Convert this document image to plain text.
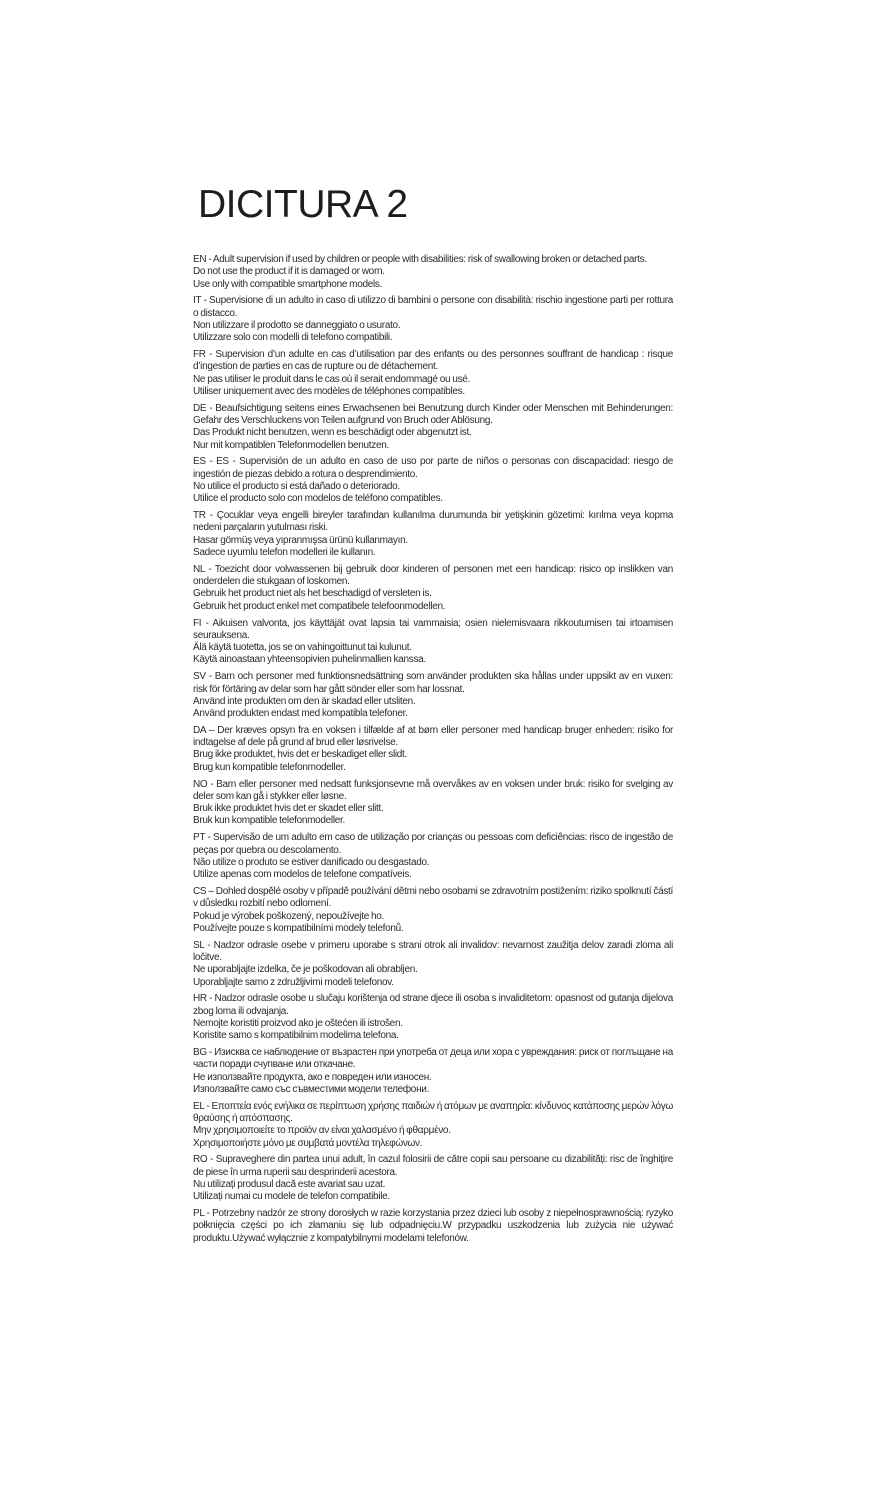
DICITURA 2

EN - Adult supervision if used by children or people with disabilities: risk of swallowing broken or detached parts.
Do not use the product if it is damaged or worn.
Use only with compatible smartphone models.

IT - Supervisione di un adulto in caso di utilizzo di bambini o persone con disabilità: rischio ingestione parti per rottura o distacco.
Non utilizzare il prodotto se danneggiato o usurato.
Utilizzare solo con modelli di telefono compatibili.

FR - Supervision d’un adulte en cas d’utilisation par des enfants ou des personnes souffrant de handicap : risque d’ingestion de parties en cas de rupture ou de détachement.
Ne pas utiliser le produit dans le cas où il serait endommagé ou usé.
Utiliser uniquement avec des modèles de téléphones compatibles.

DE - Beaufsichtigung seitens eines Erwachsenen bei Benutzung durch Kinder oder Menschen mit Behinderungen: Gefahr des Verschluckens von Teilen aufgrund von Bruch oder Ablösung.
Das Produkt nicht benutzen, wenn es beschädigt oder abgenutzt ist.
Nur mit kompatiblen Telefonmodellen benutzen.

ES - ES - Supervisión de un adulto en caso de uso por parte de niños o personas con discapacidad: riesgo de ingestión de piezas debido a rotura o desprendimiento.
No utilice el producto si está dañado o deteriorado.
Utilice el producto solo con modelos de teléfono compatibles.

TR - Çocuklar veya engelli bireyler tarafından kullanılma durumunda bir yetişkinin gözetimi: kırılma veya kopma nedeni parçaların yutulması riski.
Hasar görmüş veya yıpranmışsa ürünü kullanmayın.
Sadece uyumlu telefon modelleri ile kullanın.

NL - Toezicht door volwassenen bij gebruik door kinderen of personen met een handicap: risico op inslikken van onderdelen die stukgaan of loskomen.
Gebruik het product niet als het beschadigd of versleten is.
Gebruik het product enkel met compatibele telefoonmodellen.

FI - Aikuisen valvonta, jos käyttäjät ovat lapsia tai vammaisia; osien nielemisvaara rikkoutumisen tai irtoamisen seurauksena.
Älä käytä tuotetta, jos se on vahingoittunut tai kulunut.
Käytä ainoastaan yhteensopivien puhelinmallien kanssa.

SV - Barn och personer med funktionsnedsättning som använder produkten ska hållas under uppsikt av en vuxen: risk för förtäring av delar som har gått sönder eller som har lossnat.
Använd inte produkten om den är skadad eller utsliten.
Använd produkten endast med kompatibla telefoner.

DA – Der kræves opsyn fra en voksen i tilfælde af at børn eller personer med handicap bruger enheden: risiko for indtagelse af dele på grund af brud eller løsrivelse.
Brug ikke produktet, hvis det er beskadiget eller slidt.
Brug kun kompatible telefonmodeller.

NO - Barn eller personer med nedsatt funksjonsevne må overvåkes av en voksen under bruk: risiko for svelging av deler som kan gå i stykker eller løsne.
Bruk ikke produktet hvis det er skadet eller slitt.
Bruk kun kompatible telefonmodeller.

PT - Supervisão de um adulto em caso de utilização por crianças ou pessoas com deficiências: risco de ingestão de peças por quebra ou descolamento.
Não utilize o produto se estiver danificado ou desgastado.
Utilize apenas com modelos de telefone compatíveis.

CS – Dohled dospělé osoby v případě používání dětmi nebo osobami se zdravotním postižením: riziko spolknutí částí v důsledku rozbití nebo odlomení.
Pokud je výrobek poškozený, nepoužívejte ho.
Používejte pouze s kompatibilními modely telefonů.

SL - Nadzor odrasle osebe v primeru uporabe s strani otrok ali invalidov: nevarnost zaužitja delov zaradi zloma ali ločitve.
Ne uporabljajte izdelka, če je poškodovan ali obrabljen.
Uporabljajte samo z združljivimi modeli telefonov.

HR - Nadzor odrasle osobe u slučaju korištenja od strane djece ili osoba s invaliditetom: opasnost od gutanja dijelova zbog loma ili odvajanja.
Nemojte koristiti proizvod ako je oštećen ili istrošen.
Koristite samo s kompatibilnim modelima telefona.

BG - Изисква се наблюдение от възрастен при употреба от деца или хора с увреждания: риск от поглъщане на части поради счупване или откачане.
Не използвайте продукта, ако е повреден или износен.
Използвайте само със съвместими модели телефони.

EL - Εποπτεία ενός ενήλικα σε περίπτωση χρήσης παιδιών ή ατόμων με αναπηρία: κίνδυνος κατάποσης μερών λόγω θραύσης ή απόσπασης.
Μην χρησιμοποιείτε το προϊόν αν είναι χαλασμένο ή φθαρμένο.
Χρησιμοποιήστε μόνο με συμβατά μοντέλα τηλεφώνων.

RO - Supraveghere din partea unui adult, în cazul folosirii de către copii sau persoane cu dizabilități: risc de înghițire de piese în urma ruperii sau desprinderii acestora.
Nu utilizați produsul dacă este avariat sau uzat.
Utilizați numai cu modele de telefon compatibile.

PL - Potrzebny nadzór ze strony dorosłych w razie korzystania przez dzieci lub osoby z niepełnosprawnością: ryzyko połknięcia części po ich złamaniu się lub odpadnięciu.W przypadku uszkodzenia lub zużycia nie używać produktu.Używać wyłącznie z kompatybilnymi modelami telefonów.
